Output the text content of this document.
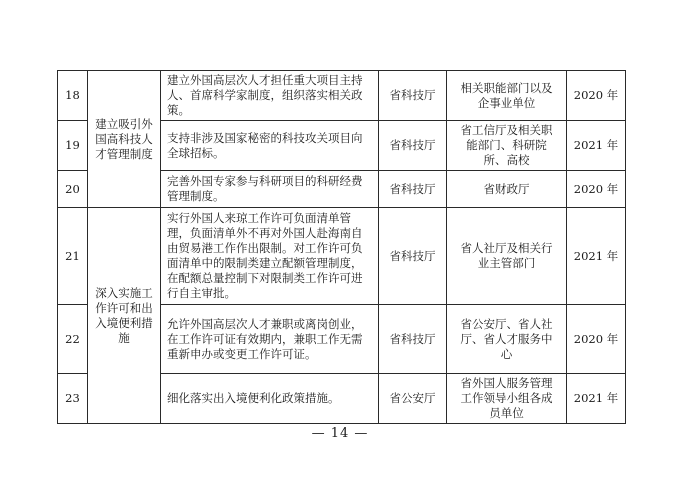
18	建立吸引外国高科技人才管理制度	建立外国高层次人才担任重大项目主持人、首席科学家制度，组织落实相关政策。	省科技厅	相关职能部门以及企事业单位	2020 年
19		支持非涉及国家秘密的科技攻关项目向全球招标。	省科技厅	省工信厅及相关职能部门、科研院所、高校	2021 年
20		完善外国专家参与科研项目的科研经费管理制度。	省科技厅	省财政厅	2020 年
21	深入实施工作许可和出入境便利措施	实行外国人来琼工作许可负面清单管理，负面清单外不再对外国人赴海南自由贸易港工作作出限制。对工作许可负面清单中的限制类建立配额管理制度，在配额总量控制下对限制类工作许可进行自主审批。	省科技厅	省人社厅及相关行业主管部门	2021 年
22		允许外国高层次人才兼职或离岗创业，在工作许可证有效期内，兼职工作无需重新申办或变更工作许可证。	省科技厅	省公安厅、省人社厅、省人才服务中心	2020 年
23		细化落实出入境便利化政策措施。	省公安厅	省外国人服务管理工作领导小组各成员单位	2021 年
— 14 —
